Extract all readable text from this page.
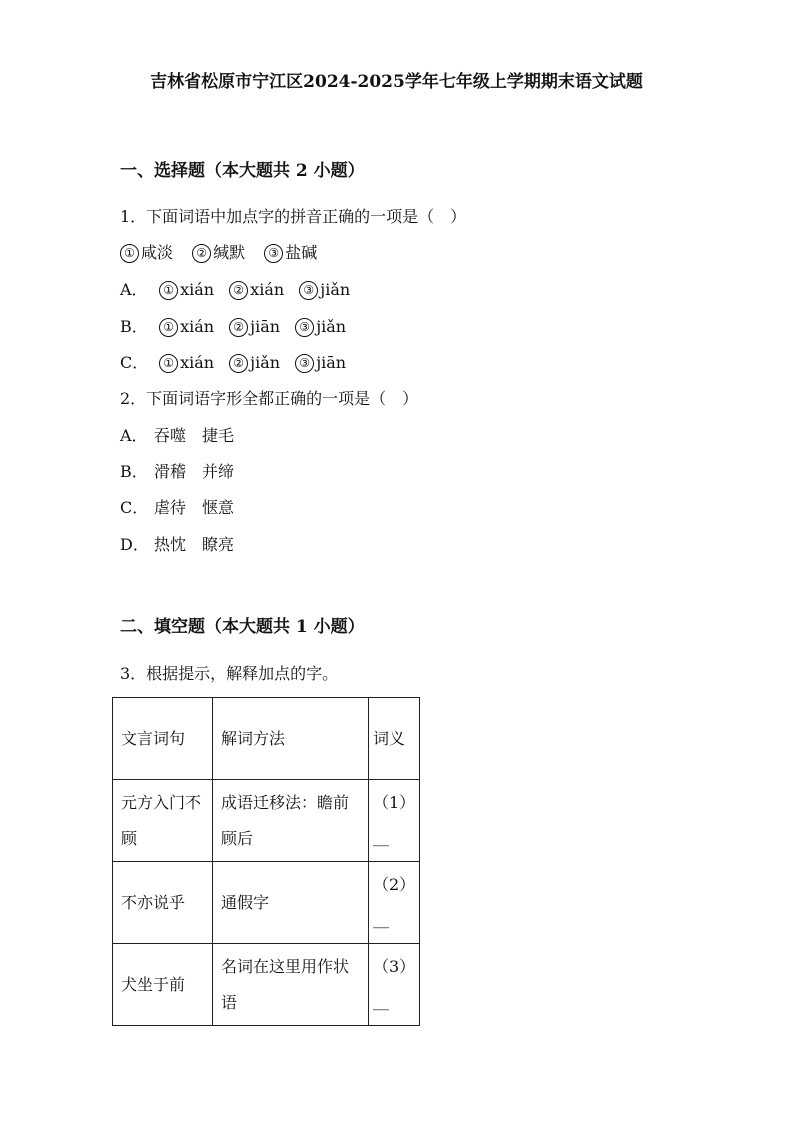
吉林省松原市宁江区2024-2025学年七年级上学期期末语文试题
一、选择题（本大题共 2 小题）
1．下面词语中加点字的拼音正确的一项是（　）
① 咸淡 ② 缄默 ③ 盐碱
A． ① xián ② xián ③ jiǎn
B． ① xián ② jiān ③ jiǎn
C． ① xián ② jiǎn ③ jiān
2．下面词语字形全都正确的一项是（　）
A． 吞噬　捷毛
B． 滑稽　并缔
C． 虐待　惬意
D． 热忱　瞭亮
二、填空题（本大题共 1 小题）
3．根据提示，解释加点的字。
文言词句	解词方法	词义
元方入门不顾	成语迁移法：瞻前顾后	（1）＿
不亦说乎	通假字	（2）＿
犬坐于前	名词在这里用作状语	（3）＿
